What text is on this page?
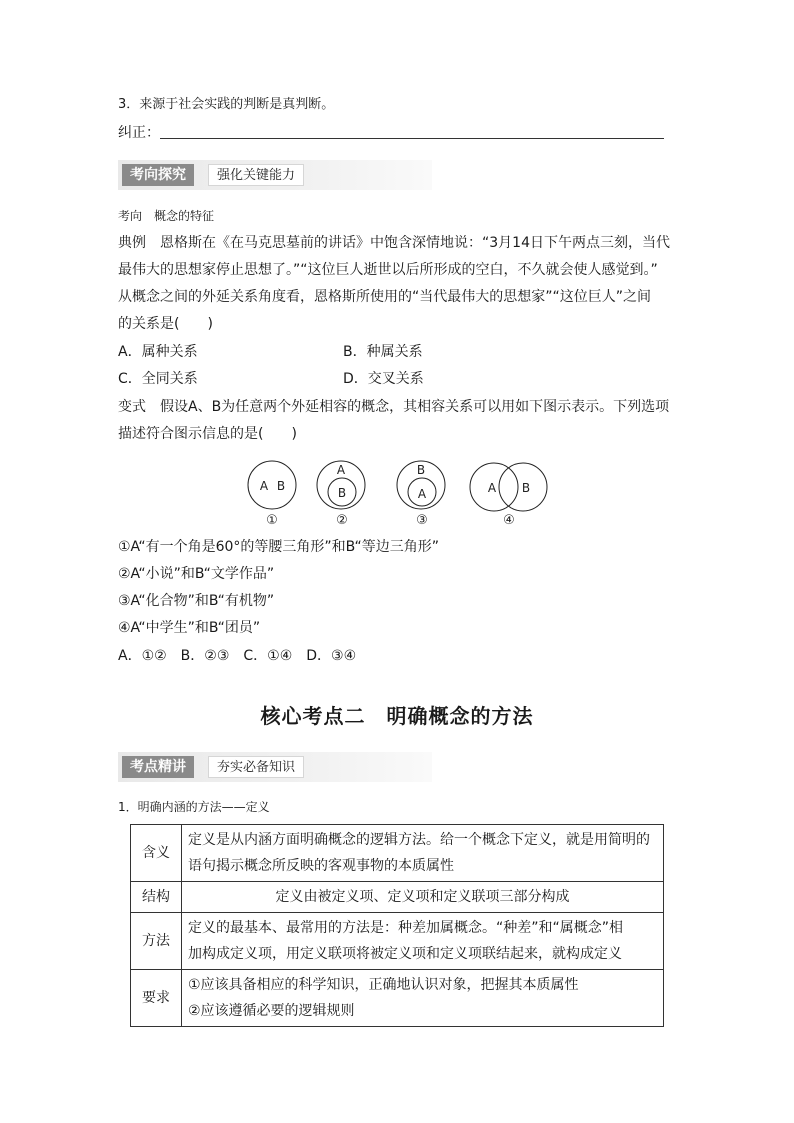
3．来源于社会实践的判断是真判断。
纠正：
考向探究	强化关键能力
考向　概念的特征
典例　恩格斯在《在马克思墓前的讲话》中饱含深情地说：“3月14日下午两点三刻，当代
最伟大的思想家停止思想了。”“这位巨人逝世以后所形成的空白，不久就会使人感觉到。”
从概念之间的外延关系角度看，恩格斯所使用的“当代最伟大的思想家”“这位巨人”之间
的关系是(　　)
A．属种关系	B．种属关系
C．全同关系	D．交叉关系
变式　假设A、B为任意两个外延相容的概念，其相容关系可以用如下图示表示。下列选项
描述符合图示信息的是(　　)
A B
A
B
B
A	A B
①	②	③	④
①A“有一个角是60°的等腰三角形”和B“等边三角形”
②A“小说”和B“文学作品”
③A“化合物”和B“有机物”
④A“中学生”和B“团员”
A．①②　B．②③　C．①④　D．③④
核心考点二　明确概念的方法
考点精讲	夯实必备知识
1．明确内涵的方法——定义
含义	定义是从内涵方面明确概念的逻辑方法。给一个概念下定义，就是用简明的
语句揭示概念所反映的客观事物的本质属性

结构	定义由被定义项、定义项和定义联项三部分构成

方法	定义的最基本、最常用的方法是：种差加属概念。“种差”和“属概念”相
加构成定义项，用定义联项将被定义项和定义项联结起来，就构成定义

要求	①应该具备相应的科学知识，正确地认识对象，把握其本质属性
②应该遵循必要的逻辑规则
